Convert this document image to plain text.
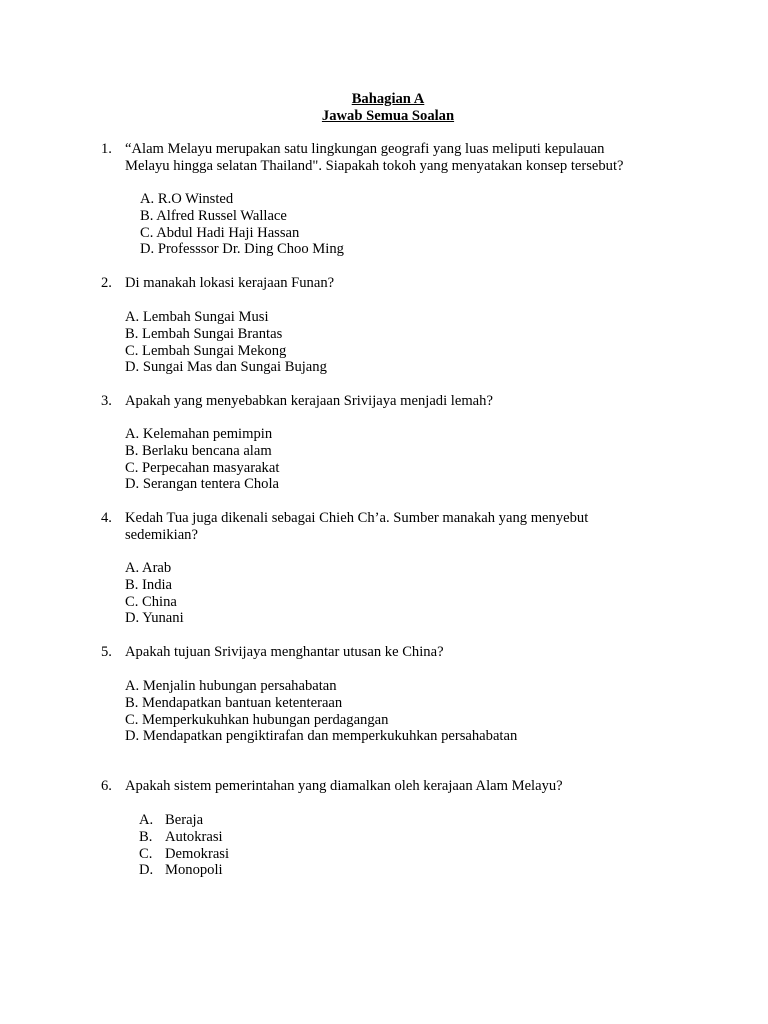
Bahagian A
Jawab Semua Soalan
1. “Alam Melayu merupakan satu lingkungan geografi yang luas meliputi kepulauan
Melayu hingga selatan Thailand". Siapakah tokoh yang menyatakan konsep tersebut?
A. R.O Winsted
B. Alfred Russel Wallace
C. Abdul Hadi Haji Hassan
D. Professsor Dr. Ding Choo Ming
2. Di manakah lokasi kerajaan Funan?
A. Lembah Sungai Musi
B. Lembah Sungai Brantas
C. Lembah Sungai Mekong
D. Sungai Mas dan Sungai Bujang
3. Apakah yang menyebabkan kerajaan Srivijaya menjadi lemah?
A. Kelemahan pemimpin
B. Berlaku bencana alam
C. Perpecahan masyarakat
D. Serangan tentera Chola
4. Kedah Tua juga dikenali sebagai Chieh Ch’a. Sumber manakah yang menyebut
sedemikian?
A. Arab
B. India
C. China
D. Yunani
5. Apakah tujuan Srivijaya menghantar utusan ke China?
A. Menjalin hubungan persahabatan
B. Mendapatkan bantuan ketenteraan
C. Memperkukuhkan hubungan perdagangan
D. Mendapatkan pengiktirafan dan memperkukuhkan persahabatan
6. Apakah sistem pemerintahan yang diamalkan oleh kerajaan Alam Melayu?
A. Beraja
B. Autokrasi
C. Demokrasi
D. Monopoli
